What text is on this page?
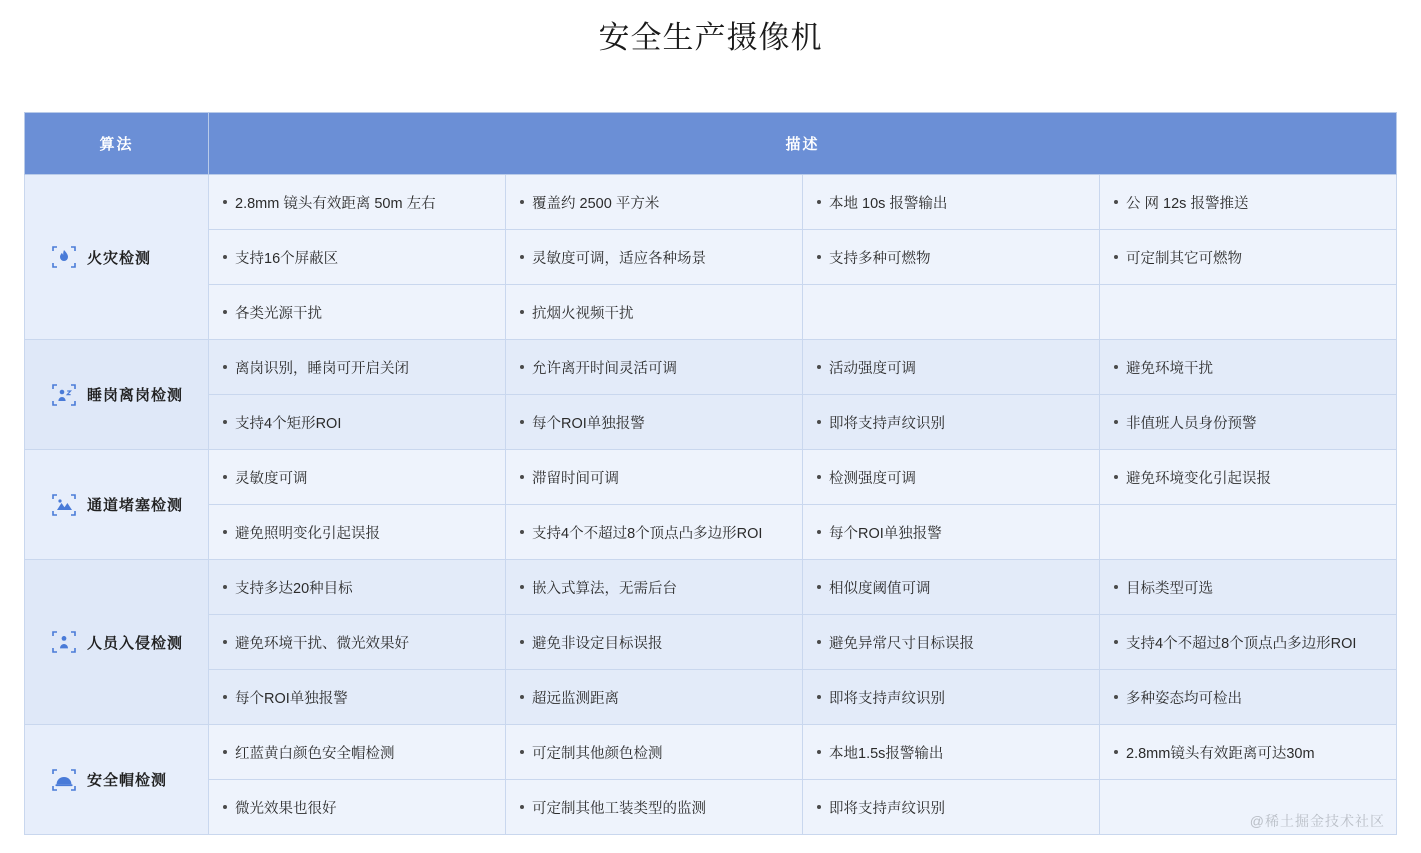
安全生产摄像机
算法	描述			

火灾检测	2.8mm 镜头有效距离 50m 左右	覆盖约 2500 平方米	本地 10s 报警输出	公 网 12s 报警推送

支持16个屏蔽区	灵敏度可调，适应各种场景	支持多种可燃物	可定制其它可燃物

各类光源干扰	抗烟火视频干扰		

睡岗离岗检测	离岗识别，睡岗可开启关闭	允许离开时间灵活可调	活动强度可调	避免环境干扰

支持4个矩形ROI	每个ROI单独报警	即将支持声纹识别	非值班人员身份预警

通道堵塞检测	灵敏度可调	滞留时间可调	检测强度可调	避免环境变化引起误报

避免照明变化引起误报	支持4个不超过8个顶点凸多边形ROI	每个ROI单独报警	

人员入侵检测	支持多达20种目标	嵌入式算法，无需后台	相似度阈值可调	目标类型可选

避免环境干扰、微光效果好	避免非设定目标误报	避免异常尺寸目标误报	支持4个不超过8个顶点凸多边形ROI

每个ROI单独报警	超远监测距离	即将支持声纹识别	多种姿态均可检出

安全帽检测	红蓝黄白颜色安全帽检测	可定制其他颜色检测	本地1.5s报警输出	2.8mm镜头有效距离可达30m

微光效果也很好	可定制其他工装类型的监测	即将支持声纹识别	
@稀土掘金技术社区
